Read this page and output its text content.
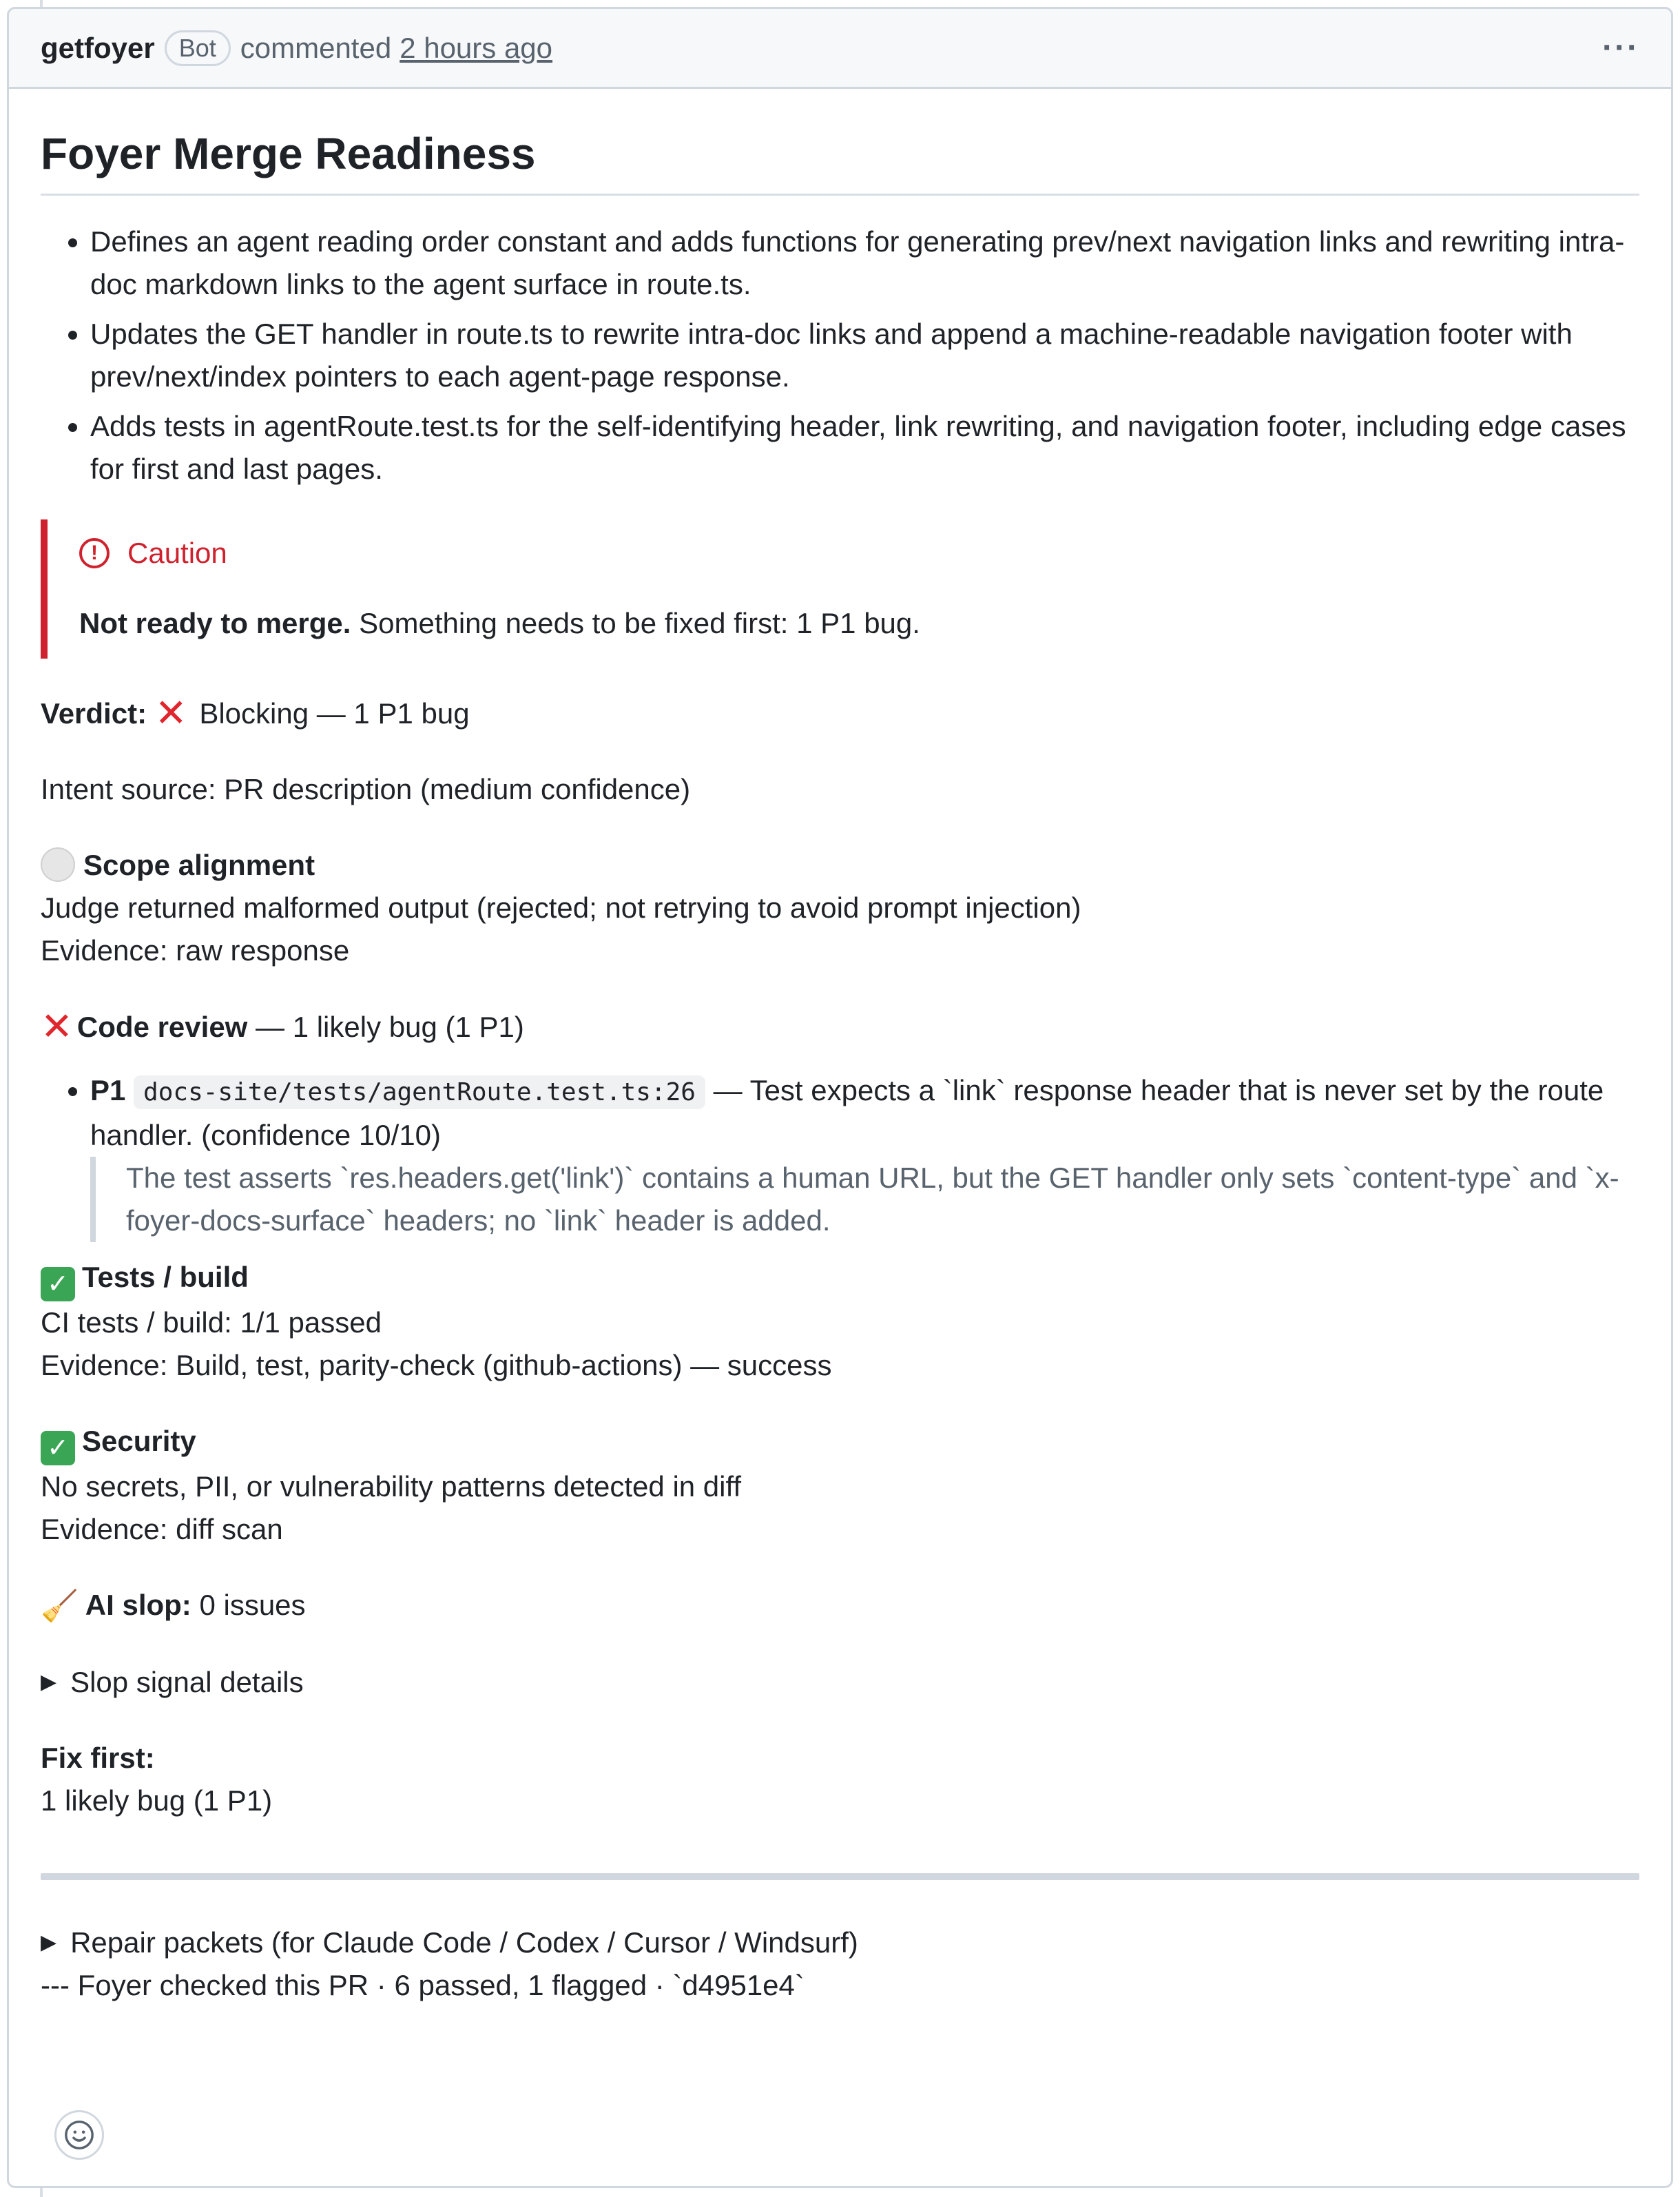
getfoyer Bot commented 2 hours ago	···
Foyer Merge Readiness
• Defines an agent reading order constant and adds functions for generating prev/next navigation links and rewriting intra-doc markdown links to the agent surface in route.ts.
• Updates the GET handler in route.ts to rewrite intra-doc links and append a machine-readable navigation footer with prev/next/index pointers to each agent-page response.
• Adds tests in agentRoute.test.ts for the self-identifying header, link rewriting, and navigation footer, including edge cases for first and last pages.
!	Caution
Not ready to merge. Something needs to be fixed first: 1 P1 bug.
Verdict: ✕ Blocking — 1 P1 bug
Intent source: PR description (medium confidence)
Scope alignment
Judge returned malformed output (rejected; not retrying to avoid prompt injection)
Evidence: raw response
✕ Code review — 1 likely bug (1 P1)
• P1 docs-site/tests/agentRoute.test.ts:26 — Test expects a `link` response header that is never set by the route handler. (confidence 10/10)
The test asserts `res.headers.get('link')` contains a human URL, but the GET handler only sets `content-type` and `x-foyer-docs-surface` headers; no `link` header is added.
✓ Tests / build
CI tests / build: 1/1 passed
Evidence: Build, test, parity-check (github-actions) — success
✓ Security
No secrets, PII, or vulnerability patterns detected in diff
Evidence: diff scan
🧹 AI slop: 0 issues
▶ Slop signal details
Fix first:
1 likely bug (1 P1)
▶ Repair packets (for Claude Code / Codex / Cursor / Windsurf)
--- Foyer checked this PR · 6 passed, 1 flagged · `d4951e4`
